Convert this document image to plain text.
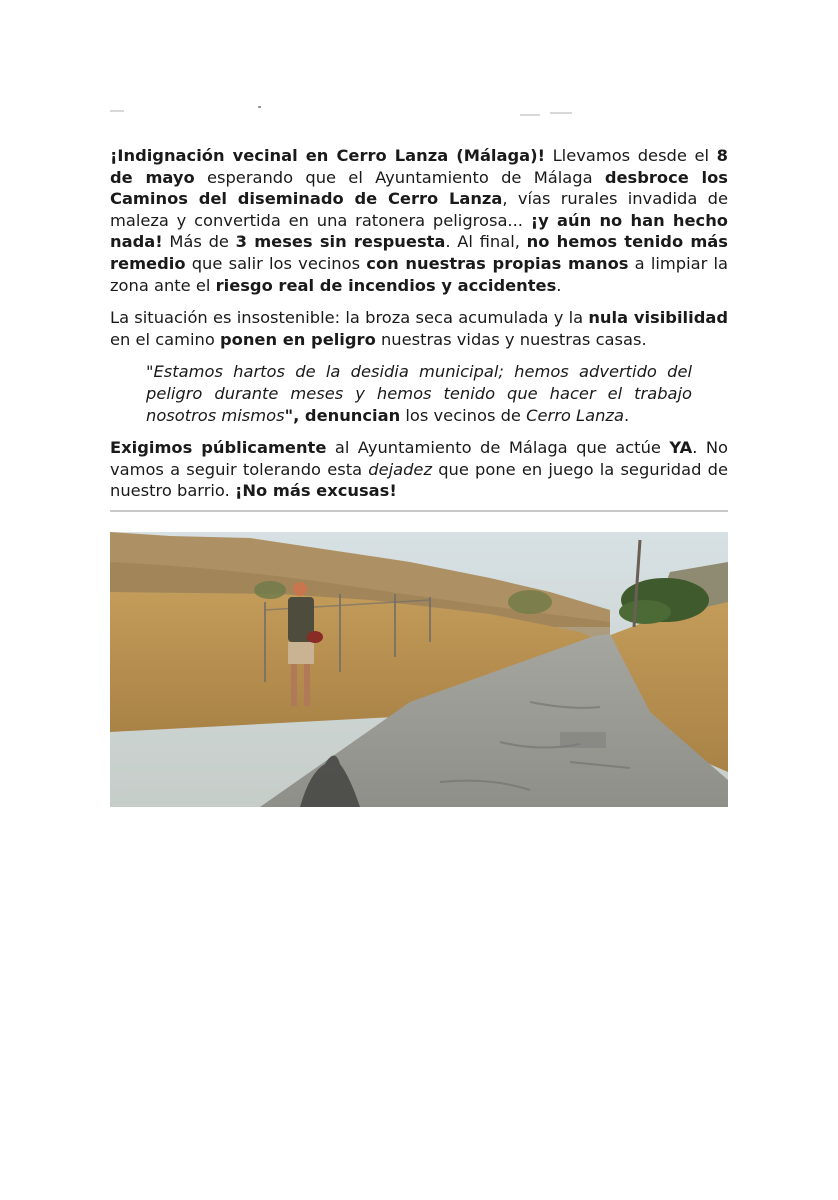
¡Indignación vecinal en Cerro Lanza (Málaga)! Llevamos desde el 8 de mayo esperando que el Ayuntamiento de Málaga desbroce los Caminos del diseminado de Cerro Lanza, vías rurales invadida de maleza y convertida en una ratonera peligrosa... ¡y aún no han hecho nada! Más de 3 meses sin respuesta. Al final, no hemos tenido más remedio que salir los vecinos con nuestras propias manos a limpiar la zona ante el riesgo real de incendios y accidentes.

La situación es insostenible: la broza seca acumulada y la nula visibilidad en el camino ponen en peligro nuestras vidas y nuestras casas.

"Estamos hartos de la desidia municipal; hemos advertido del peligro durante meses y hemos tenido que hacer el trabajo nosotros mismos", denuncian los vecinos de Cerro Lanza.

Exigimos públicamente al Ayuntamiento de Málaga que actúe YA. No vamos a seguir tolerando esta dejadez que pone en juego la seguridad de nuestro barrio. ¡No más excusas!
